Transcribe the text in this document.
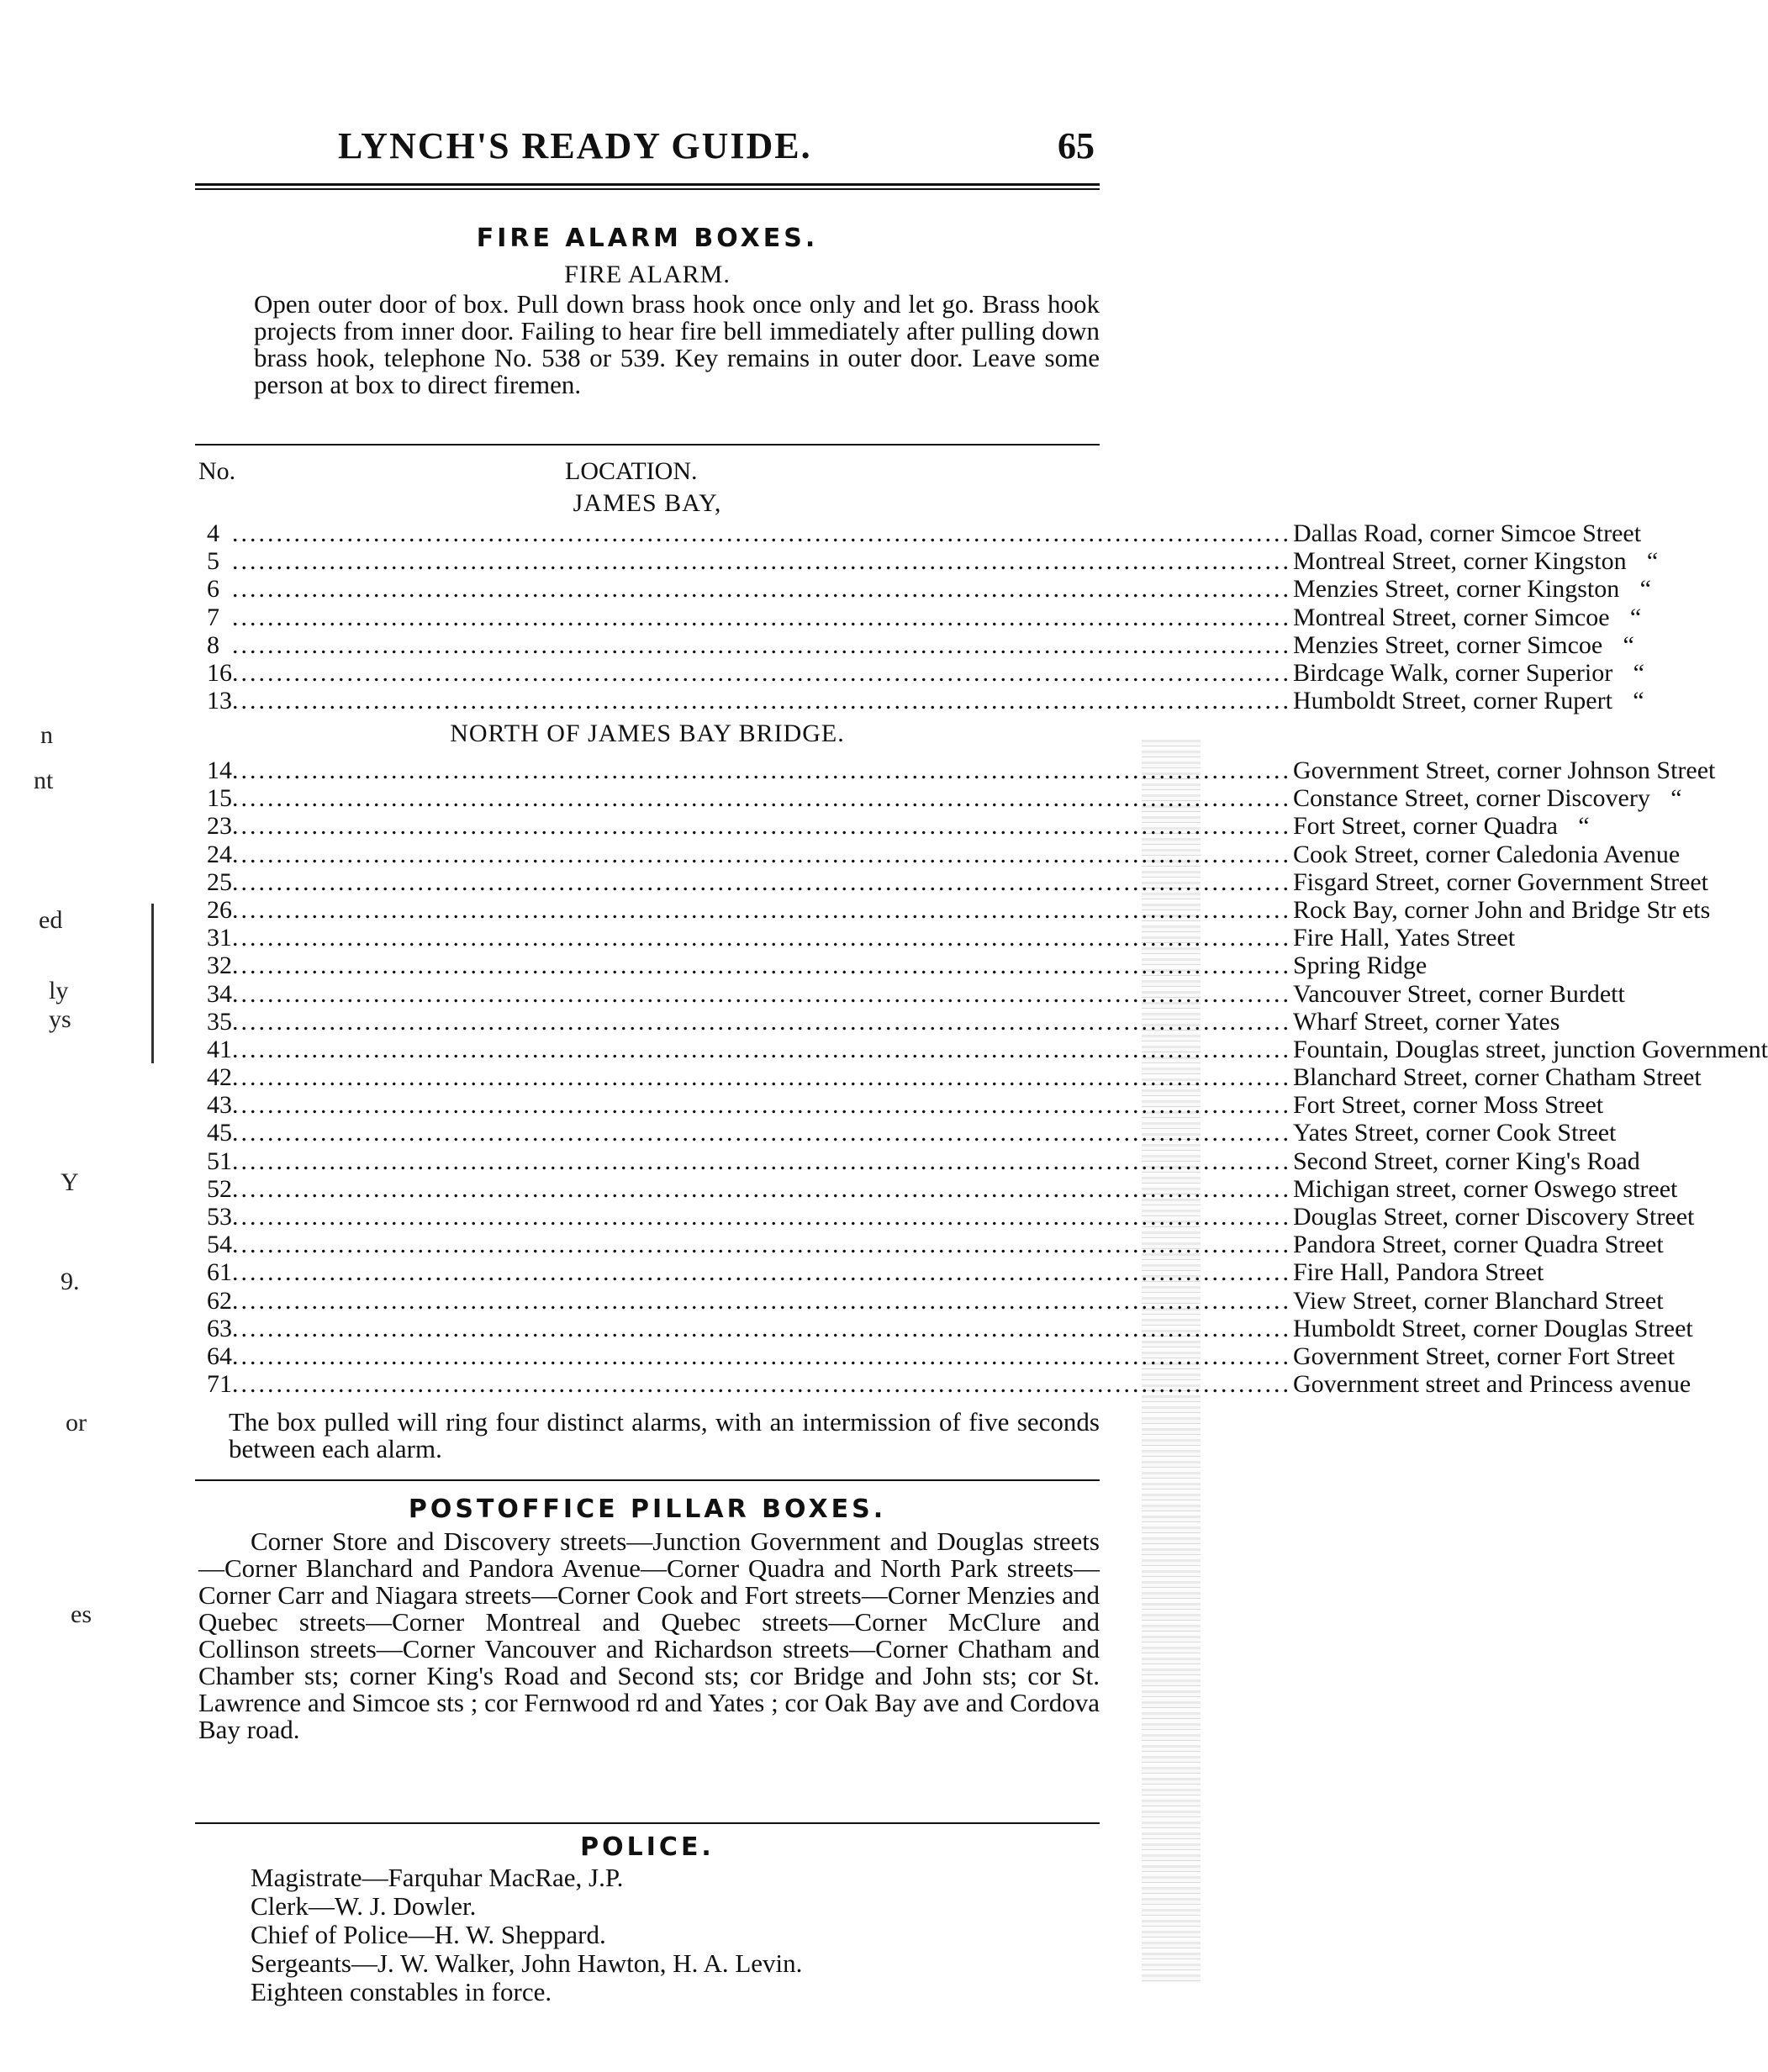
n
nt
ed
ly
ys
Y
9.
or
es
LYNCH'S READY GUIDE.	65
FIRE ALARM BOXES.
FIRE ALARM.
Open outer door of box. Pull down brass hook once only and let go. Brass hook projects from inner door. Failing to hear fire bell immediately after pulling down brass hook, telephone No. 538 or 539. Key remains in outer door. Leave some person at box to direct firemen.
No.	LOCATION.
JAMES BAY,
4 ........................................................................................................................ Dallas Road, corner Simcoe Street
5 ........................................................................................................................ Montreal Street, corner Kingston “
6 ........................................................................................................................ Menzies Street, corner Kingston “
7 ........................................................................................................................ Montreal Street, corner Simcoe “
8 ........................................................................................................................ Menzies Street, corner Simcoe “
16 ........................................................................................................................ Birdcage Walk, corner Superior “
13 ........................................................................................................................ Humboldt Street, corner Rupert “
NORTH OF JAMES BAY BRIDGE.
14 ........................................................................................................................ Government Street, corner Johnson Street
15 ........................................................................................................................ Constance Street, corner Discovery “
23 ........................................................................................................................ Fort Street, corner Quadra “
24 ........................................................................................................................ Cook Street, corner Caledonia Avenue
25 ........................................................................................................................ Fisgard Street, corner Government Street
26 ........................................................................................................................ Rock Bay, corner John and Bridge Str ets
31 ........................................................................................................................ Fire Hall, Yates Street
32 ........................................................................................................................ Spring Ridge
34 ........................................................................................................................ Vancouver Street, corner Burdett
35 ........................................................................................................................ Wharf Street, corner Yates
41 ........................................................................................................................ Fountain, Douglas street, junction Government
42 ........................................................................................................................ Blanchard Street, corner Chatham Street
43 ........................................................................................................................ Fort Street, corner Moss Street
45 ........................................................................................................................ Yates Street, corner Cook Street
51 ........................................................................................................................ Second Street, corner King's Road
52 ........................................................................................................................ Michigan street, corner Oswego street
53 ........................................................................................................................ Douglas Street, corner Discovery Street
54 ........................................................................................................................ Pandora Street, corner Quadra Street
61 ........................................................................................................................ Fire Hall, Pandora Street
62 ........................................................................................................................ View Street, corner Blanchard Street
63 ........................................................................................................................ Humboldt Street, corner Douglas Street
64 ........................................................................................................................ Government Street, corner Fort Street
71 ........................................................................................................................ Government street and Princess avenue
The box pulled will ring four distinct alarms, with an intermission of five seconds between each alarm.
POSTOFFICE PILLAR BOXES.
Corner Store and Discovery streets—Junction Government and Douglas streets—Corner Blanchard and Pandora Avenue—Corner Quadra and North Park streets—Corner Carr and Niagara streets—Corner Cook and Fort streets—Corner Menzies and Quebec streets—Corner Montreal and Quebec streets—Corner McClure and Collinson streets—Corner Vancouver and Richardson streets—Corner Chatham and Chamber sts; corner King's Road and Second sts; cor Bridge and John sts; cor St. Lawrence and Simcoe sts ; cor Fernwood rd and Yates ; cor Oak Bay ave and Cordova Bay road.
POLICE.
Magistrate—Farquhar MacRae, J.P.
Clerk—W. J. Dowler.
Chief of Police—H. W. Sheppard.
Sergeants—J. W. Walker, John Hawton, H. A. Levin.
Eighteen constables in force.
